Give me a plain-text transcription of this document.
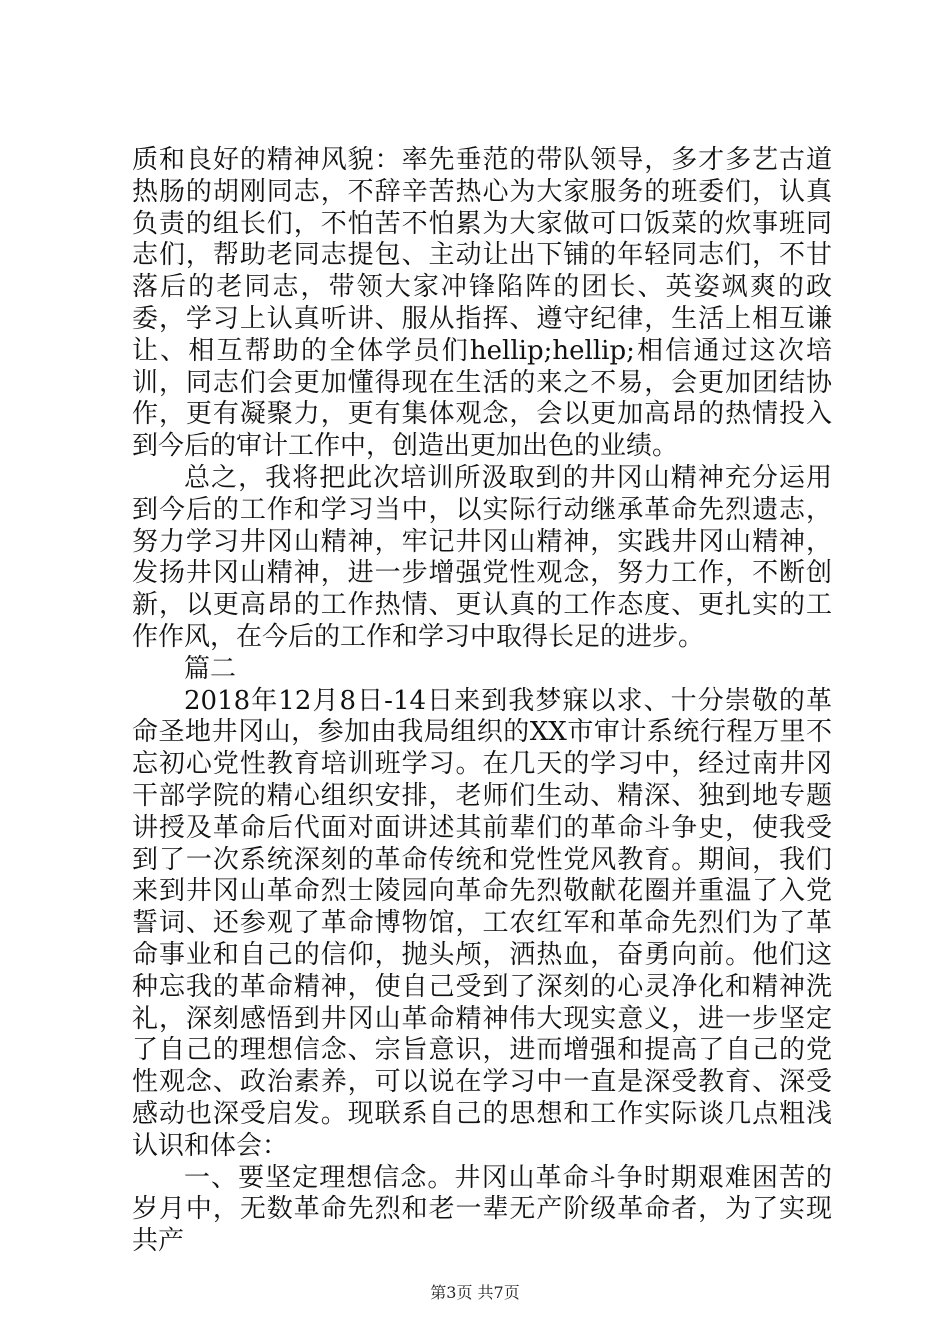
质和良好的精神风貌：率先垂范的带队领导，多才多艺古道热肠的胡刚同志，不辞辛苦热心为大家服务的班委们，认真负责的组长们，不怕苦不怕累为大家做可口饭菜的炊事班同志们，帮助老同志提包、主动让出下铺的年轻同志们，不甘落后的老同志，带领大家冲锋陷阵的团长、英姿飒爽的政委，学习上认真听讲、服从指挥、遵守纪律，生活上相互谦让、相互帮助的全体学员们hellip;hellip;相信通过这次培训，同志们会更加懂得现在生活的来之不易，会更加团结协作，更有凝聚力，更有集体观念，会以更加高昂的热情投入到今后的审计工作中，创造出更加出色的业绩。

总之，我将把此次培训所汲取到的井冈山精神充分运用到今后的工作和学习当中，以实际行动继承革命先烈遗志，努力学习井冈山精神，牢记井冈山精神，实践井冈山精神，发扬井冈山精神，进一步增强党性观念，努力工作，不断创新，以更高昂的工作热情、更认真的工作态度、更扎实的工作作风，在今后的工作和学习中取得长足的进步。

篇二

2018年12月8日-14日来到我梦寐以求、十分崇敬的革命圣地井冈山，参加由我局组织的XX市审计系统行程万里不忘初心党性教育培训班学习。在几天的学习中，经过南井冈干部学院的精心组织安排，老师们生动、精深、独到地专题讲授及革命后代面对面讲述其前辈们的革命斗争史，使我受到了一次系统深刻的革命传统和党性党风教育。期间，我们来到井冈山革命烈士陵园向革命先烈敬献花圈并重温了入党誓词、还参观了革命博物馆，工农红军和革命先烈们为了革命事业和自己的信仰，抛头颅，洒热血，奋勇向前。他们这种忘我的革命精神，使自己受到了深刻的心灵净化和精神洗礼，深刻感悟到井冈山革命精神伟大现实意义，进一步坚定了自己的理想信念、宗旨意识，进而增强和提高了自己的党性观念、政治素养，可以说在学习中一直是深受教育、深受感动也深受启发。现联系自己的思想和工作实际谈几点粗浅认识和体会：

一、要坚定理想信念。井冈山革命斗争时期艰难困苦的岁月中，无数革命先烈和老一辈无产阶级革命者，为了实现共产

第3页 共7页
